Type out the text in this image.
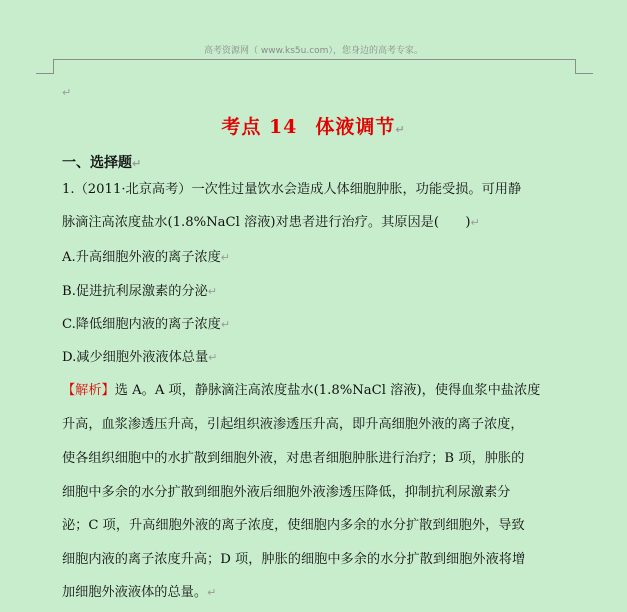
高考资源网（ www.ks5u.com），您身边的高考专家。
↵
考点 14 体液调节↵
一、选择题↵
1.（2011·北京高考）一次性过量饮水会造成人体细胞肿胀，功能受损。可用静
脉滴注高浓度盐水(1.8%NaCl 溶液)对患者进行治疗。其原因是(　　)↵
A.升高细胞外液的离子浓度↵
B.促进抗利尿激素的分泌↵
C.降低细胞内液的离子浓度↵
D.减少细胞外液液体总量↵
【解析】选 A。A 项，静脉滴注高浓度盐水(1.8%NaCl 溶液)，使得血浆中盐浓度
升高，血浆渗透压升高，引起组织液渗透压升高，即升高细胞外液的离子浓度，
使各组织细胞中的水扩散到细胞外液，对患者细胞肿胀进行治疗；B 项，肿胀的
细胞中多余的水分扩散到细胞外液后细胞外液渗透压降低，抑制抗利尿激素分
泌；C 项，升高细胞外液的离子浓度，使细胞内多余的水分扩散到细胞外，导致
细胞内液的离子浓度升高；D 项，肿胀的细胞中多余的水分扩散到细胞外液将增
加细胞外液液体的总量。↵
